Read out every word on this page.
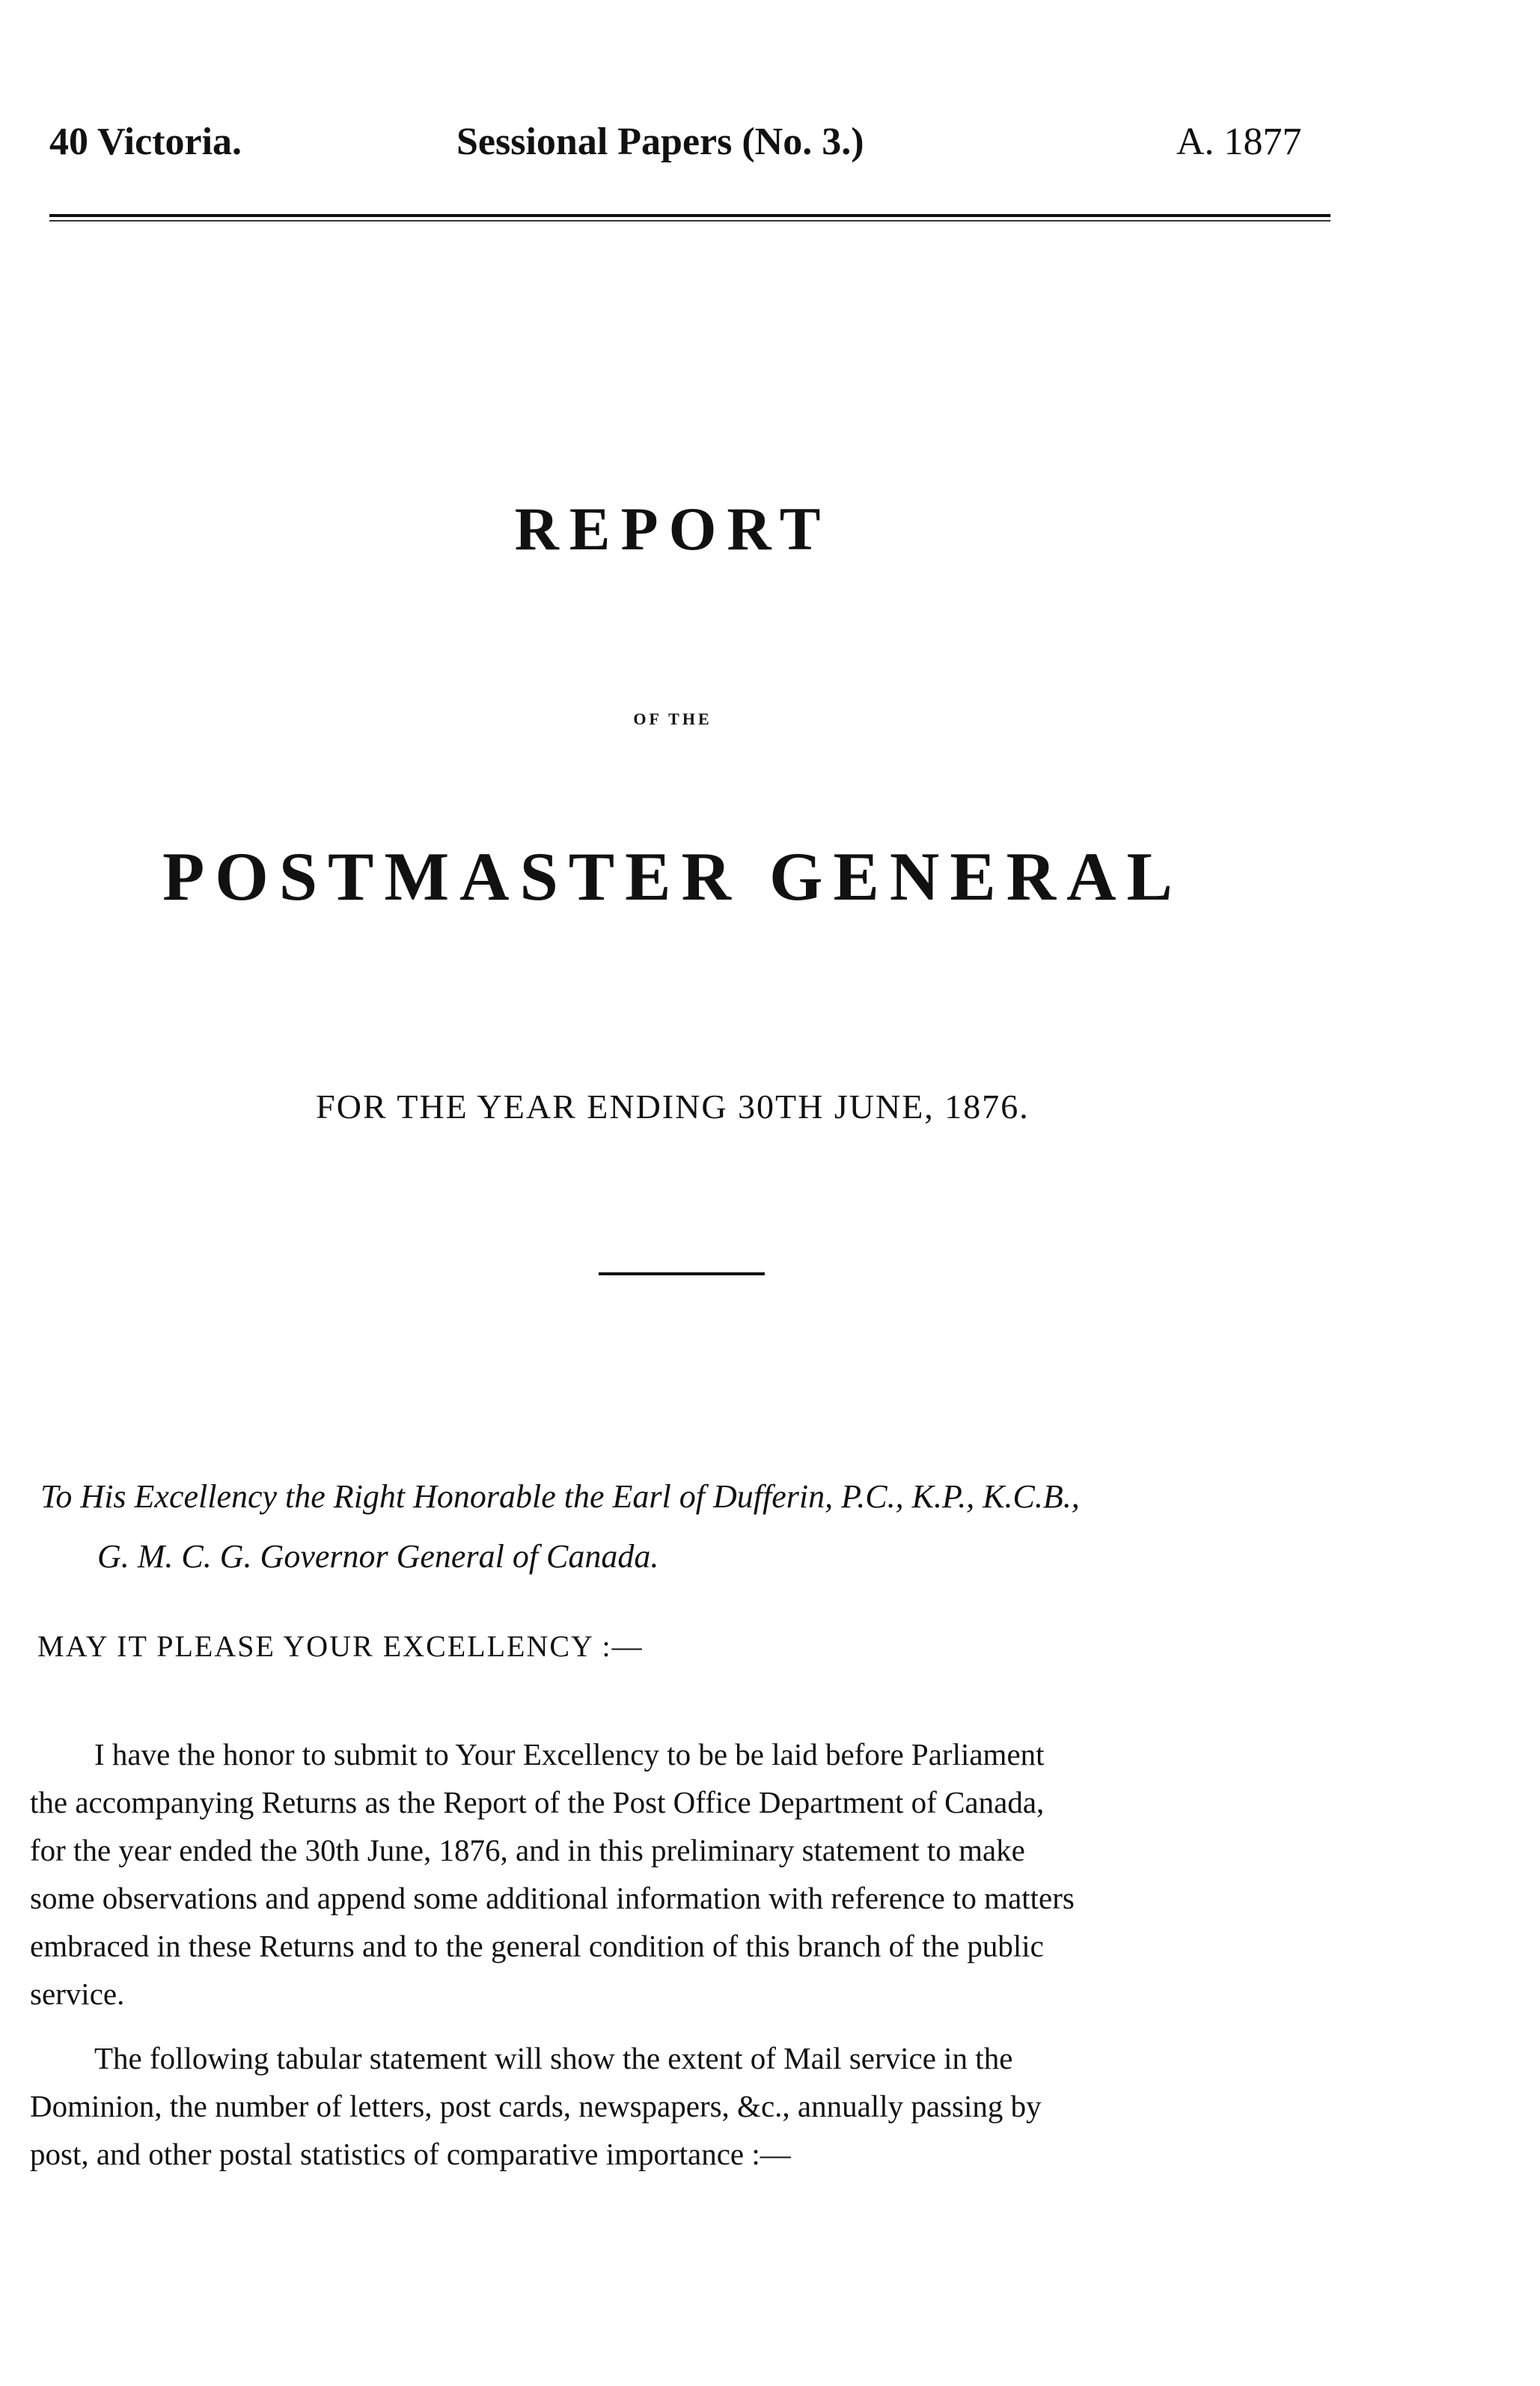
40 Victoria.	Sessional Papers (No. 3.)	A. 1877
REPORT
OF THE
POSTMASTER GENERAL
FOR THE YEAR ENDING 30TH JUNE, 1876.
To His Excellency the Right Honorable the Earl of Dufferin, P.C., K.P., K.C.B.,
G. M. C. G. Governor General of Canada.
MAY IT PLEASE YOUR EXCELLENCY :—
I have the honor to submit to Your Excellency to be be laid before Parliament
the accompanying Returns as the Report of the Post Office Department of Canada,
for the year ended the 30th June, 1876, and in this preliminary statement to make
some observations and append some additional information with reference to matters
embraced in these Returns and to the general condition of this branch of the public
service.
The following tabular statement will show the extent of Mail service in the
Dominion, the number of letters, post cards, newspapers, &c., annually passing by
post, and other postal statistics of comparative importance :—
